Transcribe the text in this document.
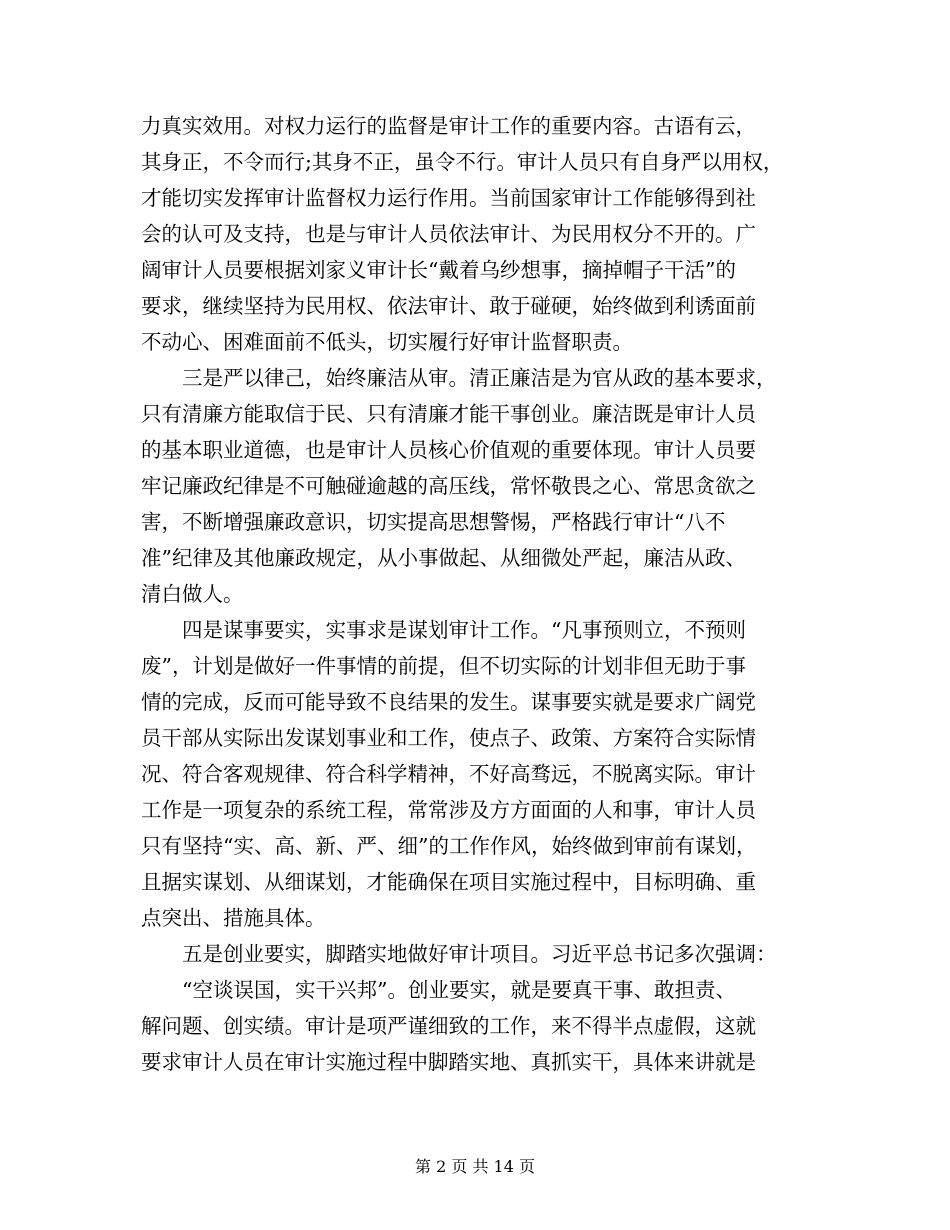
力真实效用。对权力运行的监督是审计工作的重要内容。古语有云，
其身正，不令而行;其身不正，虽令不行。审计人员只有自身严以用权，
才能切实发挥审计监督权力运行作用。当前国家审计工作能够得到社
会的认可及支持，也是与审计人员依法审计、为民用权分不开的。广
阔审计人员要根据刘家义审计长“戴着乌纱想事，摘掉帽子干活”的
要求，继续坚持为民用权、依法审计、敢于碰硬，始终做到利诱面前
不动心、困难面前不低头，切实履行好审计监督职责。
三是严以律己，始终廉洁从审。清正廉洁是为官从政的基本要求，
只有清廉方能取信于民、只有清廉才能干事创业。廉洁既是审计人员
的基本职业道德，也是审计人员核心价值观的重要体现。审计人员要
牢记廉政纪律是不可触碰逾越的高压线，常怀敬畏之心、常思贪欲之
害，不断增强廉政意识，切实提高思想警惕，严格践行审计“八不
准”纪律及其他廉政规定，从小事做起、从细微处严起，廉洁从政、
清白做人。
四是谋事要实，实事求是谋划审计工作。“凡事预则立，不预则
废”，计划是做好一件事情的前提，但不切实际的计划非但无助于事
情的完成，反而可能导致不良结果的发生。谋事要实就是要求广阔党
员干部从实际出发谋划事业和工作，使点子、政策、方案符合实际情
况、符合客观规律、符合科学精神，不好高骛远，不脱离实际。审计
工作是一项复杂的系统工程，常常涉及方方面面的人和事，审计人员
只有坚持“实、高、新、严、细”的工作作风，始终做到审前有谋划，
且据实谋划、从细谋划，才能确保在项目实施过程中，目标明确、重
点突出、措施具体。
五是创业要实，脚踏实地做好审计项目。习近平总书记多次强调：
“空谈误国，实干兴邦”。创业要实，就是要真干事、敢担责、
解问题、创实绩。审计是项严谨细致的工作，来不得半点虚假，这就
要求审计人员在审计实施过程中脚踏实地、真抓实干，具体来讲就是
第 2 页 共 14 页
